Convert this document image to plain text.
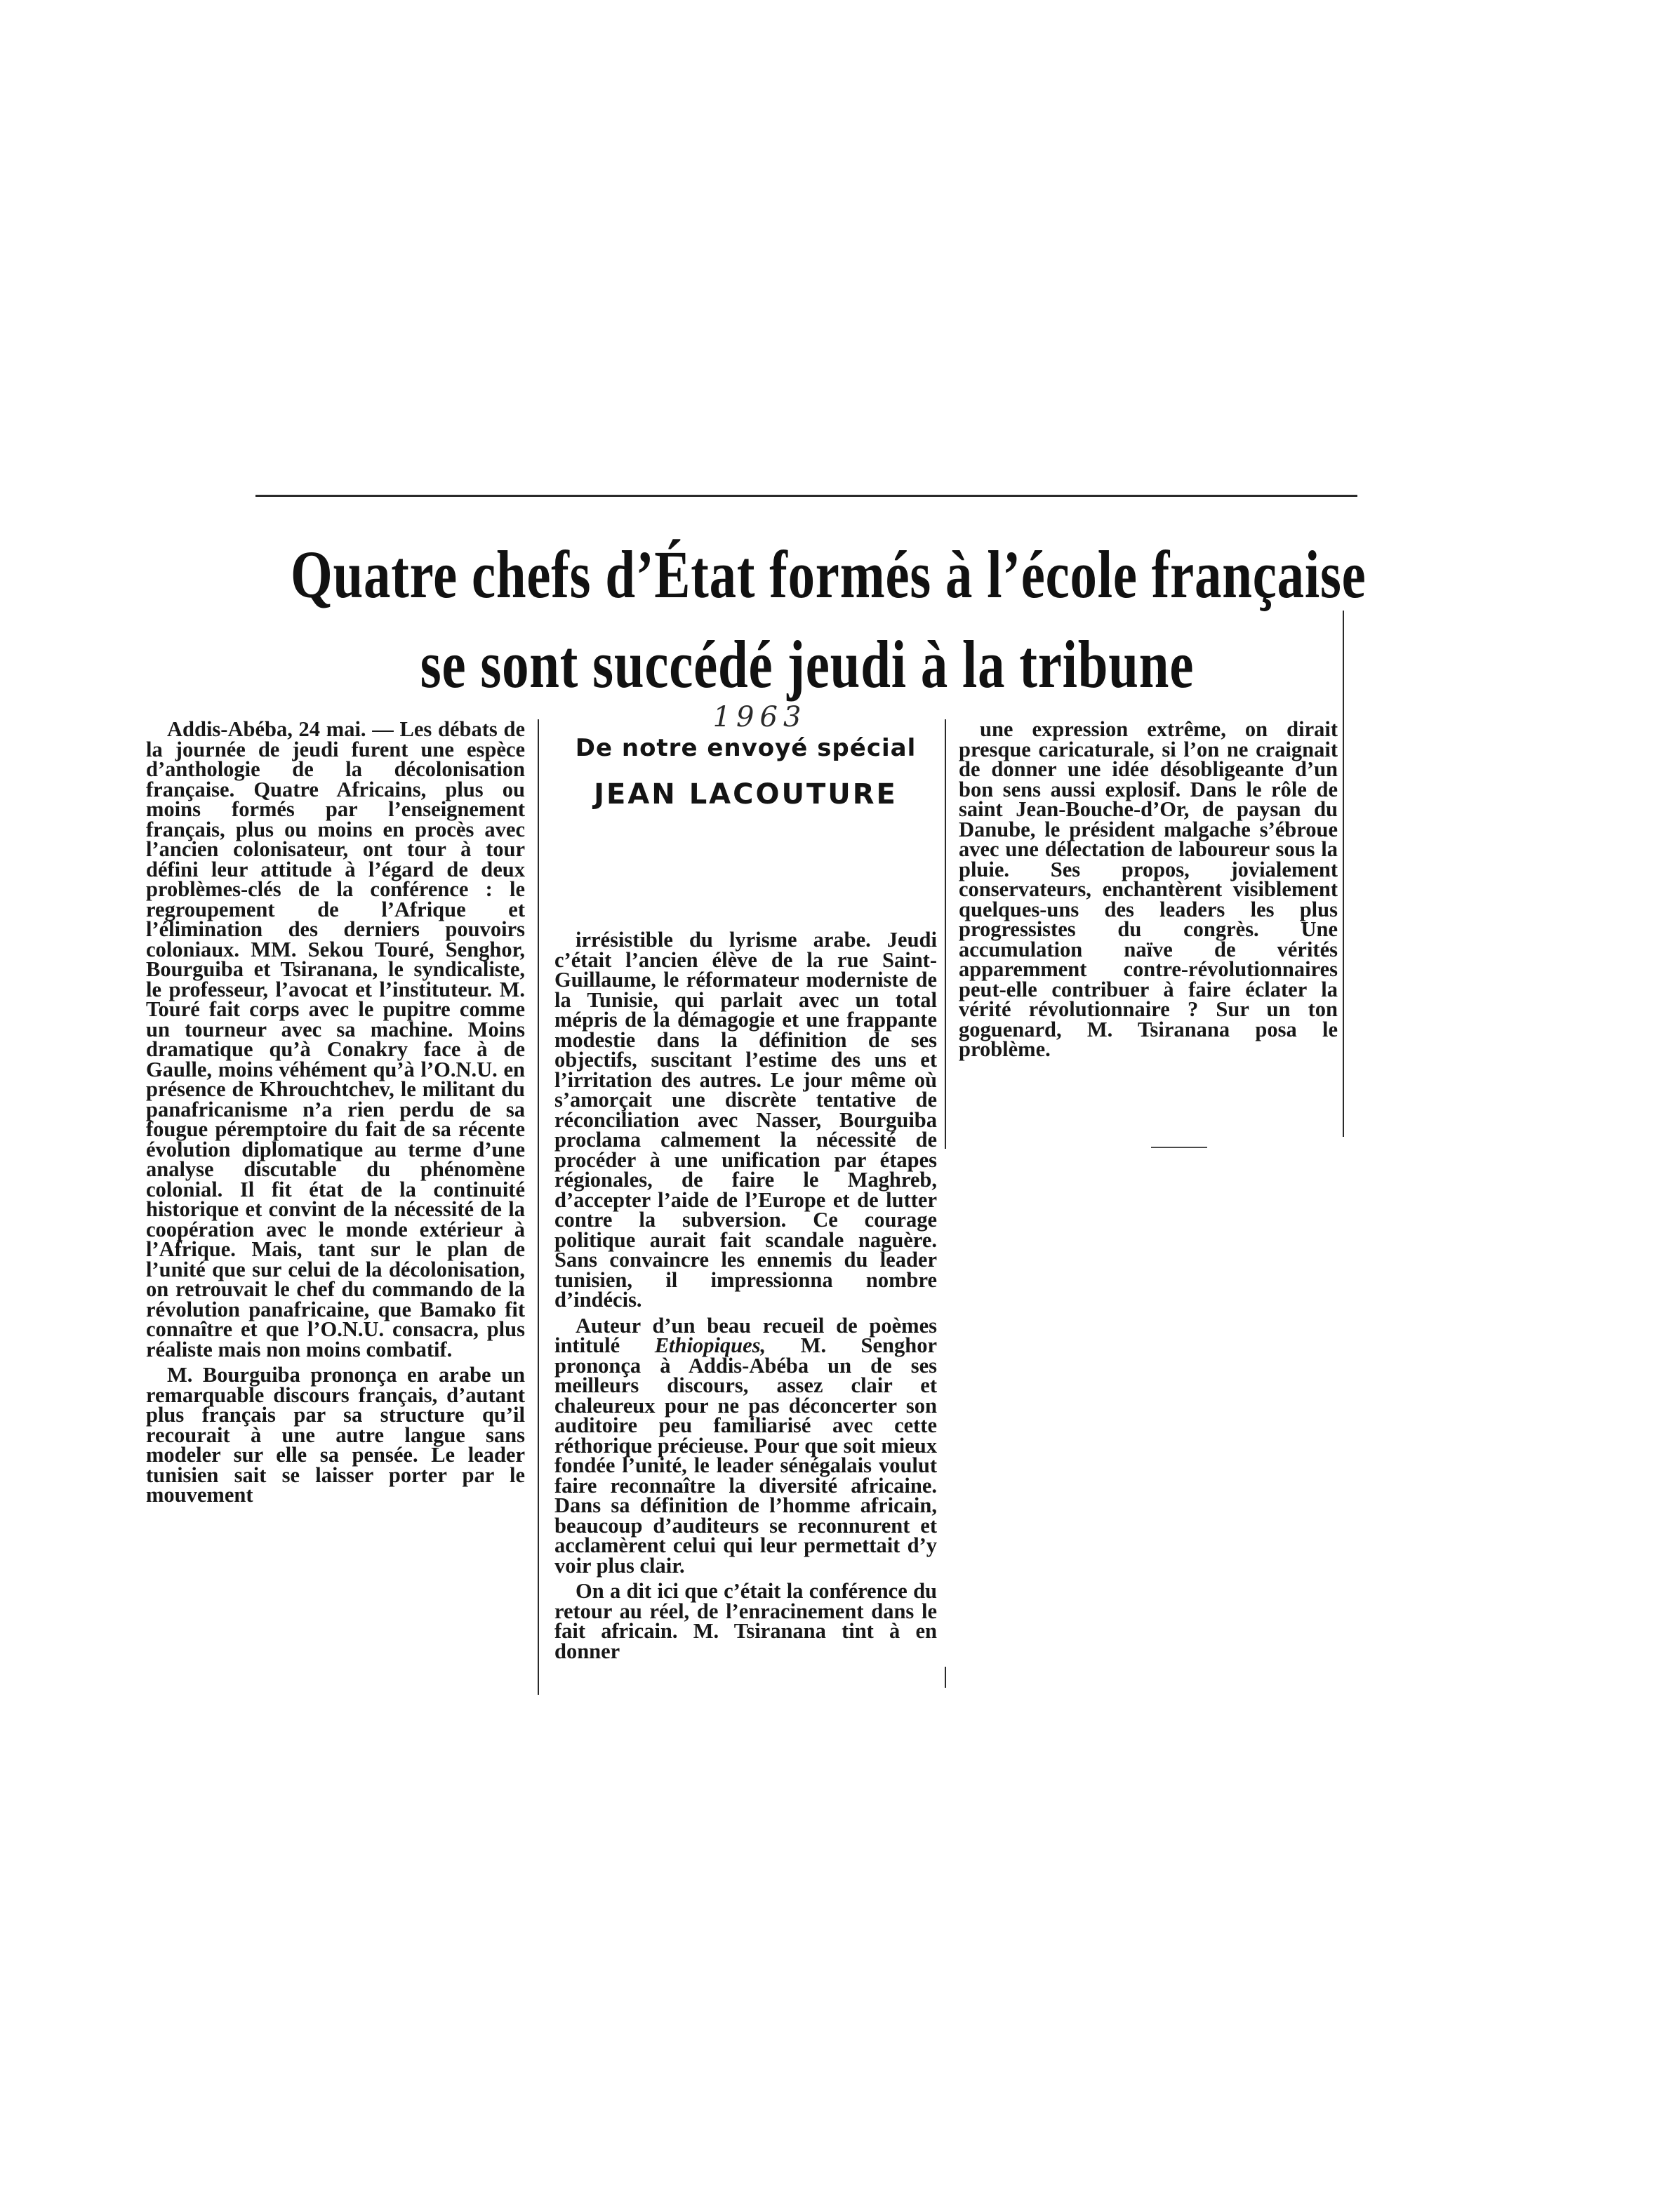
Quatre chefs d’État formés à l’école française
se sont succédé jeudi à la tribune

Addis-Abéba, 24 mai. — Les débats de la journée de jeudi furent une espèce d’anthologie de la décolonisation française. Quatre Africains, plus ou moins formés par l’enseignement français, plus ou moins en procès avec l’ancien colonisateur, ont tour à tour défini leur attitude à l’égard de deux problèmes-clés de la conférence : le regroupement de l’Afrique et l’élimination des derniers pouvoirs coloniaux. MM. Sekou Touré, Senghor, Bourguiba et Tsiranana, le syndicaliste, le professeur, l’avocat et l’instituteur. M. Touré fait corps avec le pupitre comme un tourneur avec sa machine. Moins dramatique qu’à Conakry face à de Gaulle, moins véhément qu’à l’O.N.U. en présence de Khrouchtchev, le militant du panafricanisme n’a rien perdu de sa fougue péremptoire du fait de sa récente évolution diplomatique au terme d’une analyse discutable du phénomène colonial. Il fit état de la continuité historique et convint de la nécessité de la coopération avec le monde extérieur à l’Afrique. Mais, tant sur le plan de l’unité que sur celui de la décolonisation, on retrouvait le chef du commando de la révolution panafricaine, que Bamako fit connaître et que l’O.N.U. consacra, plus réaliste mais non moins combatif.

M. Bourguiba prononça en arabe un remarquable discours français, d’autant plus français par sa structure qu’il recourait à une autre langue sans modeler sur elle sa pensée. Le leader tunisien sait se laisser porter par le mouvement

1963
De notre envoyé spécial
JEAN LACOUTURE

irrésistible du lyrisme arabe. Jeudi c’était l’ancien élève de la rue Saint-Guillaume, le réformateur moderniste de la Tunisie, qui parlait avec un total mépris de la démagogie et une frappante modestie dans la définition de ses objectifs, suscitant l’estime des uns et l’irritation des autres. Le jour même où s’amorçait une discrète tentative de réconciliation avec Nasser, Bourguiba proclama calmement la nécessité de procéder à une unification par étapes régionales, de faire le Maghreb, d’accepter l’aide de l’Europe et de lutter contre la subversion. Ce courage politique aurait fait scandale naguère. Sans convaincre les ennemis du leader tunisien, il impressionna nombre d’indécis.

Auteur d’un beau recueil de poèmes intitulé Ethiopiques, M. Senghor prononça à Addis-Abéba un de ses meilleurs discours, assez clair et chaleureux pour ne pas déconcerter son auditoire peu familiarisé avec cette réthorique précieuse. Pour que soit mieux fondée l’unité, le leader sénégalais voulut faire reconnaître la diversité africaine. Dans sa définition de l’homme africain, beaucoup d’auditeurs se reconnurent et acclamèrent celui qui leur permettait d’y voir plus clair.

On a dit ici que c’était la conférence du retour au réel, de l’enracinement dans le fait africain. M. Tsiranana tint à en donner

une expression extrême, on dirait presque caricaturale, si l’on ne craignait de donner une idée désobligeante d’un bon sens aussi explosif. Dans le rôle de saint Jean-Bouche-d’Or, de paysan du Danube, le président malgache s’ébroue avec une délectation de laboureur sous la pluie. Ses propos, jovialement conservateurs, enchantèrent visiblement quelques-uns des leaders les plus progressistes du congrès. Une accumulation naïve de vérités apparemment contre-révolutionnaires peut-elle contribuer à faire éclater la vérité révolutionnaire ? Sur un ton goguenard, M. Tsiranana posa le problème.
